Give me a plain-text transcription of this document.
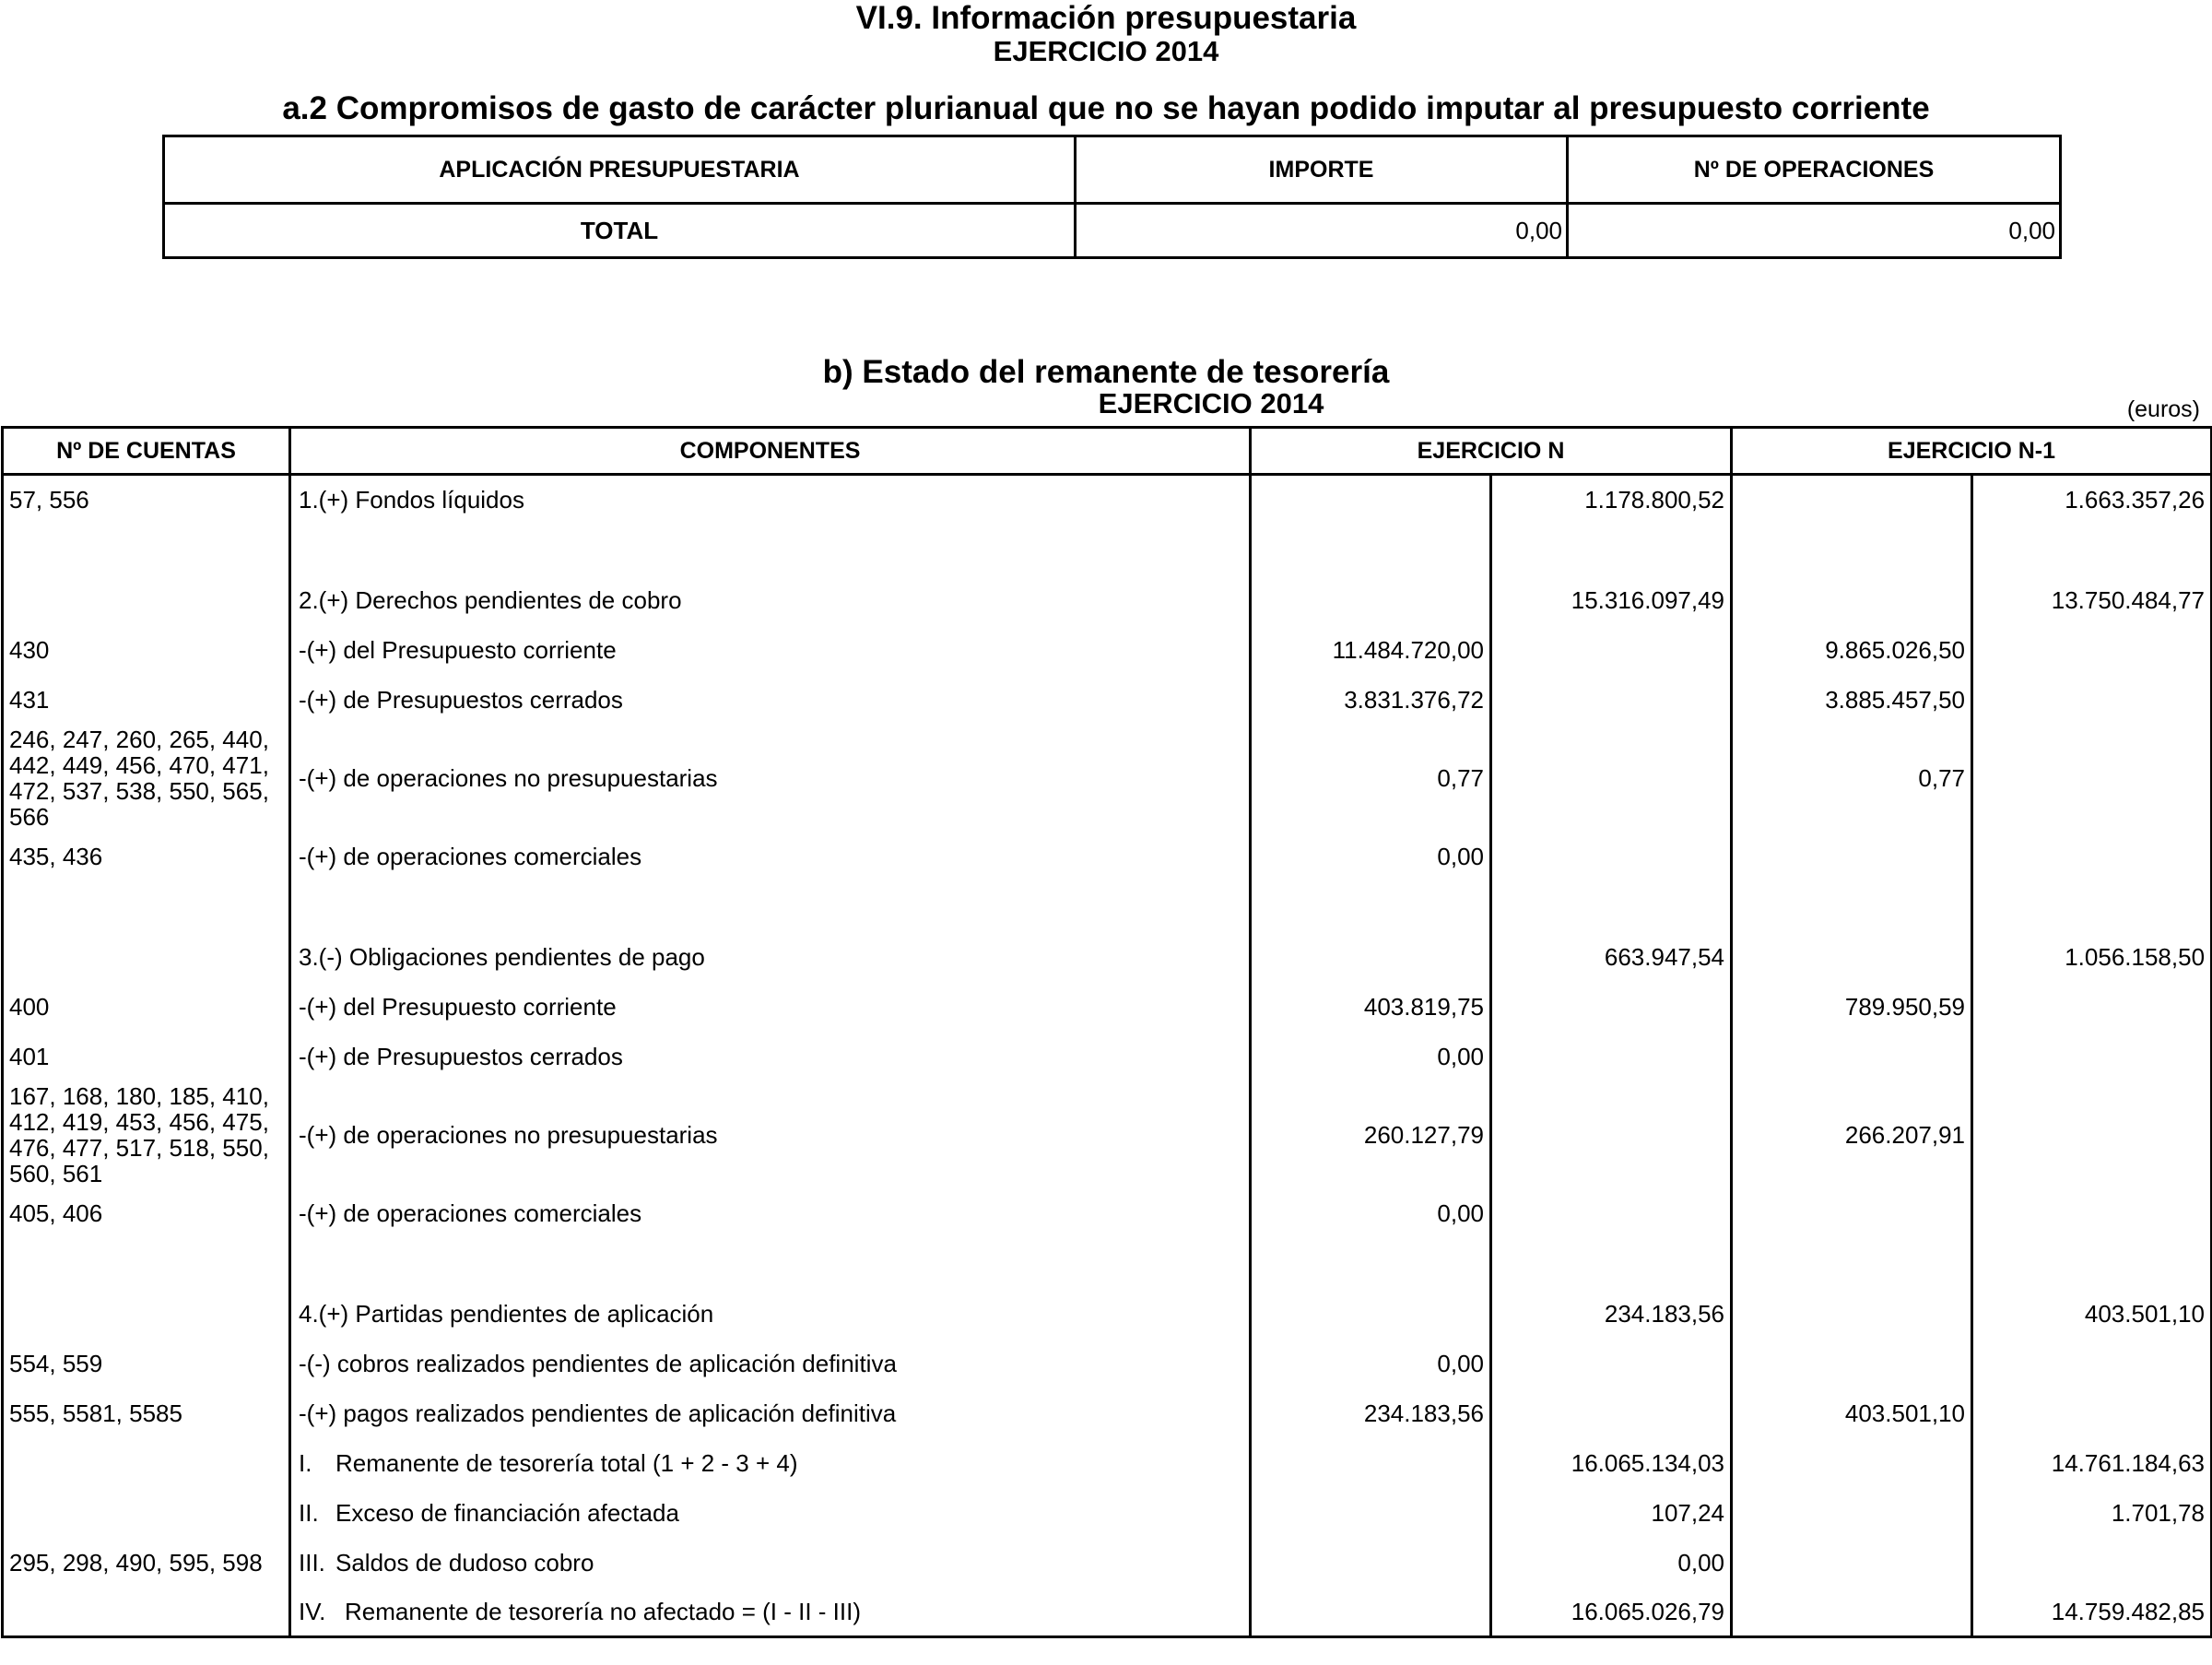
VI.9. Información presupuestaria
EJERCICIO 2014
a.2 Compromisos de gasto de carácter plurianual que no se hayan podido imputar al presupuesto corriente
APLICACIÓN PRESUPUESTARIA	IMPORTE	Nº DE OPERACIONES
TOTAL	0,00	0,00
b) Estado del remanente de tesorería
EJERCICIO 2014	(euros)
Nº DE CUENTAS	COMPONENTES	EJERCICIO N		EJERCICIO N-1	
57, 556	1.(+) Fondos líquidos		1.178.800,52		1.663.357,26

	2.(+) Derechos pendientes de cobro		15.316.097,49		13.750.484,77
430	-(+) del Presupuesto corriente	11.484.720,00		9.865.026,50	
431	-(+) de Presupuestos cerrados	3.831.376,72		3.885.457,50	
246, 247, 260, 265, 440, 442, 449, 456, 470, 471, 472, 537, 538, 550, 565, 566	-(+) de operaciones no presupuestarias	0,77		0,77	
435, 436	-(+) de operaciones comerciales	0,00			

	3.(-) Obligaciones pendientes de pago		663.947,54		1.056.158,50
400	-(+) del Presupuesto corriente	403.819,75		789.950,59	
401	-(+) de Presupuestos cerrados	0,00			
167, 168, 180, 185, 410, 412, 419, 453, 456, 475, 476, 477, 517, 518, 550, 560, 561	-(+) de operaciones no presupuestarias	260.127,79		266.207,91	
405, 406	-(+) de operaciones comerciales	0,00			

	4.(+) Partidas pendientes de aplicación		234.183,56		403.501,10
554, 559	-(-) cobros realizados pendientes de aplicación definitiva	0,00			
555, 5581, 5585	-(+) pagos realizados pendientes de aplicación definitiva	234.183,56		403.501,10	
	I. Remanente de tesorería total (1 + 2 - 3 + 4)		16.065.134,03		14.761.184,63
	II. Exceso de financiación afectada		107,24		1.701,78
295, 298, 490, 595, 598	III. Saldos de dudoso cobro		0,00		
	IV. Remanente de tesorería no afectado = (I - II - III)		16.065.026,79		14.759.482,85
